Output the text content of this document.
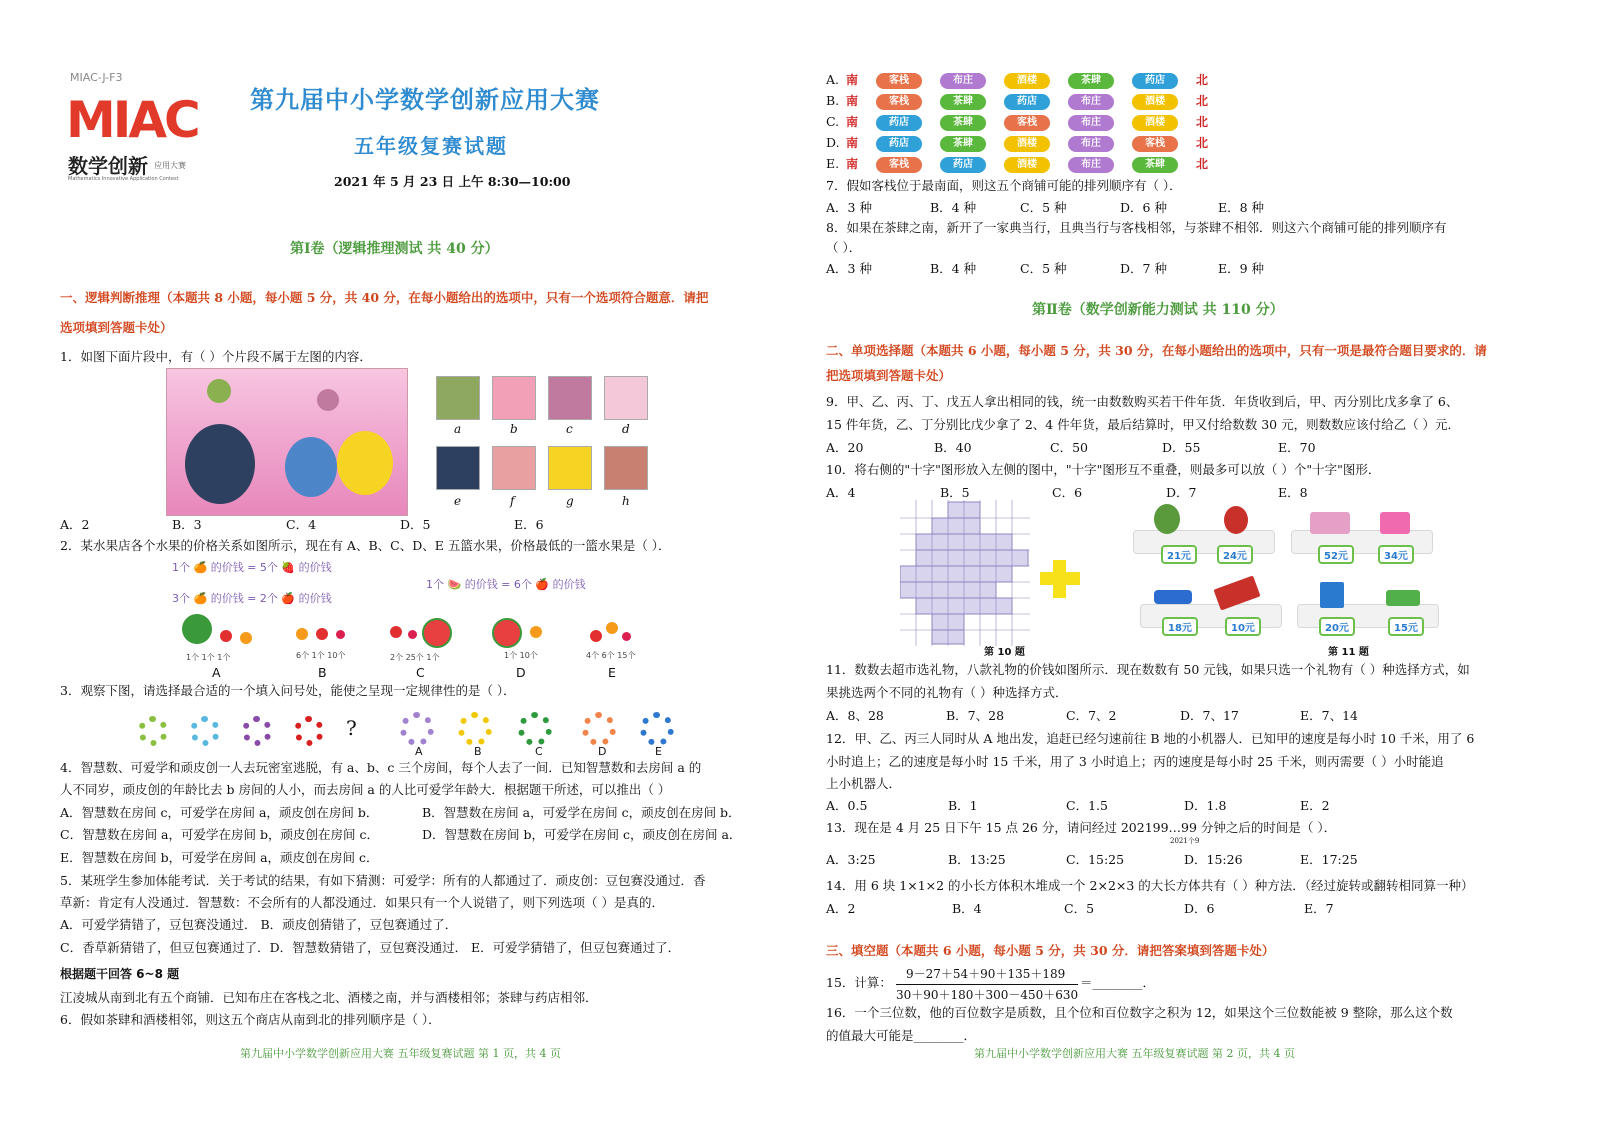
MIAC-J-F3
MIAC
数学创新 应用大赛
Mathematics Innovative Application Contest
第九届中小学数学创新应用大赛
五年级复赛试题
2021 年 5 月 23 日 上午 8:30—10:00
第Ⅰ卷（逻辑推理测试 共 40 分）
一、逻辑判断推理（本题共 8 小题，每小题 5 分，共 40 分，在每小题给出的选项中，只有一个选项符合题意．请把
选项填到答题卡处）
1．如图下面片段中，有（ ）个片段不属于左图的内容．
a	b	c	d
e	f	g	h
A．2	B．3	C．4	D．5	E．6
2．某水果店各个水果的价格关系如图所示，现在有 A、B、C、D、E 五篮水果，价格最低的一篮水果是（ ）．
1个 🍊 的价钱 = 5个 🍓 的价钱
3个 🍊 的价钱 = 2个 🍎 的价钱
1个 🍉 的价钱 = 6个 🍎 的价钱
1个 1个 1个	6个 1个 10个	2个 25个 1个	1个 10个	4个 6个 15个
A	B	C	D	E
3．观察下图，请选择最合适的一个填入问号处，能使之呈现一定规律性的是（ ）．
?
A	B	C	D	E
4．智慧数、可爱学和顽皮创一人去玩密室逃脱，有 a、b、c 三个房间，每个人去了一间．已知智慧数和去房间 a 的
人不同岁，顽皮创的年龄比去 b 房间的人小，而去房间 a 的人比可爱学年龄大．根据题干所述，可以推出（ ）
A．智慧数在房间 c，可爱学在房间 a，顽皮创在房间 b．	B．智慧数在房间 a，可爱学在房间 c，顽皮创在房间 b．
C．智慧数在房间 a，可爱学在房间 b，顽皮创在房间 c．	D．智慧数在房间 b，可爱学在房间 c，顽皮创在房间 a．
E．智慧数在房间 b，可爱学在房间 a，顽皮创在房间 c．
5．某班学生参加体能考试．关于考试的结果，有如下猜测：可爱学：所有的人都通过了．顽皮创：豆包赛没通过．香
草新：肯定有人没通过．智慧数：不会所有的人都没通过．如果只有一个人说错了，则下列选项（ ）是真的．
A．可爱学猜错了，豆包赛没通过． B．顽皮创猜错了，豆包赛通过了．
C．香草新猜错了，但豆包赛通过了．D．智慧数猜错了，豆包赛没通过． E．可爱学猜错了，但豆包赛通过了．
根据题干回答 6~8 题
江凌城从南到北有五个商铺．已知布庄在客栈之北、酒楼之南，并与酒楼相邻；茶肆与药店相邻．
6．假如茶肆和酒楼相邻，则这五个商店从南到北的排列顺序是（ ）．
第九届中小学数学创新应用大赛 五年级复赛试题 第 1 页，共 4 页
A. 南	客栈	布庄	酒楼	茶肆	药店	北
B. 南	客栈	茶肆	药店	布庄	酒楼	北
C. 南	药店	茶肆	客栈	布庄	酒楼	北
D. 南	药店	茶肆	酒楼	布庄	客栈	北
E. 南	客栈	药店	酒楼	布庄	茶肆	北
7．假如客栈位于最南面，则这五个商铺可能的排列顺序有（ ）．
A．3 种	B．4 种	C．5 种	D．6 种	E．8 种
8．如果在茶肆之南，新开了一家典当行，且典当行与客栈相邻，与茶肆不相邻．则这六个商铺可能的排列顺序有
（ ）．
A．3 种	B．4 种	C．5 种	D．7 种	E．9 种
第Ⅱ卷（数学创新能力测试 共 110 分）
二、单项选择题（本题共 6 小题，每小题 5 分，共 30 分，在每小题给出的选项中，只有一项是最符合题目要求的．请
把选项填到答题卡处）
9．甲、乙、丙、丁、戊五人拿出相同的钱，统一由数数购买若干件年货．年货收到后，甲、丙分别比戊多拿了 6、
15 件年货，乙、丁分别比戊少拿了 2、4 件年货，最后结算时，甲又付给数数 30 元，则数数应该付给乙（ ）元．
A．20	B．40	C．50	D．55	E．70
10．将右侧的"十字"图形放入左侧的图中，"十字"图形互不重叠，则最多可以放（ ）个"十字"图形．
A．4	B．5	C．6	D．7	E．8
第 10 题
21元	24元	52元	34元
18元	10元	20元	15元
第 11 题
11．数数去超市选礼物，八款礼物的价钱如图所示．现在数数有 50 元钱，如果只选一个礼物有（ ）种选择方式，如
果挑选两个不同的礼物有（ ）种选择方式．
A．8、28	B．7、28	C．7、2	D．7、17	E．7、14
12．甲、乙、丙三人同时从 A 地出发，追赶已经匀速前往 B 地的小机器人．已知甲的速度是每小时 10 千米，用了 6
小时追上；乙的速度是每小时 15 千米，用了 3 小时追上；丙的速度是每小时 25 千米，则丙需要（ ）小时能追
上小机器人．
A．0.5	B．1	C．1.5	D．1.8	E．2
13．现在是 4 月 25 日下午 15 点 26 分，请问经过 202199…99 分钟之后的时间是（ ）．
2021个9
A．3:25	B．13:25	C．15:25	D．15:26	E．17:25
14．用 6 块 1×1×2 的小长方体积木堆成一个 2×2×3 的大长方体共有（ ）种方法．（经过旋转或翻转相同算一种）
A．2	B．4	C．5	D．6	E．7
三、填空题（本题共 6 小题，每小题 5 分，共 30 分．请把答案填到答题卡处）
15．计算：
9－27＋54＋90＋135＋189
30＋90＋180＋300－450＋630
＝________．
16．一个三位数，他的百位数字是质数，且个位和百位数字之积为 12，如果这个三位数能被 9 整除，那么这个数
的值最大可能是________．
第九届中小学数学创新应用大赛 五年级复赛试题 第 2 页，共 4 页
